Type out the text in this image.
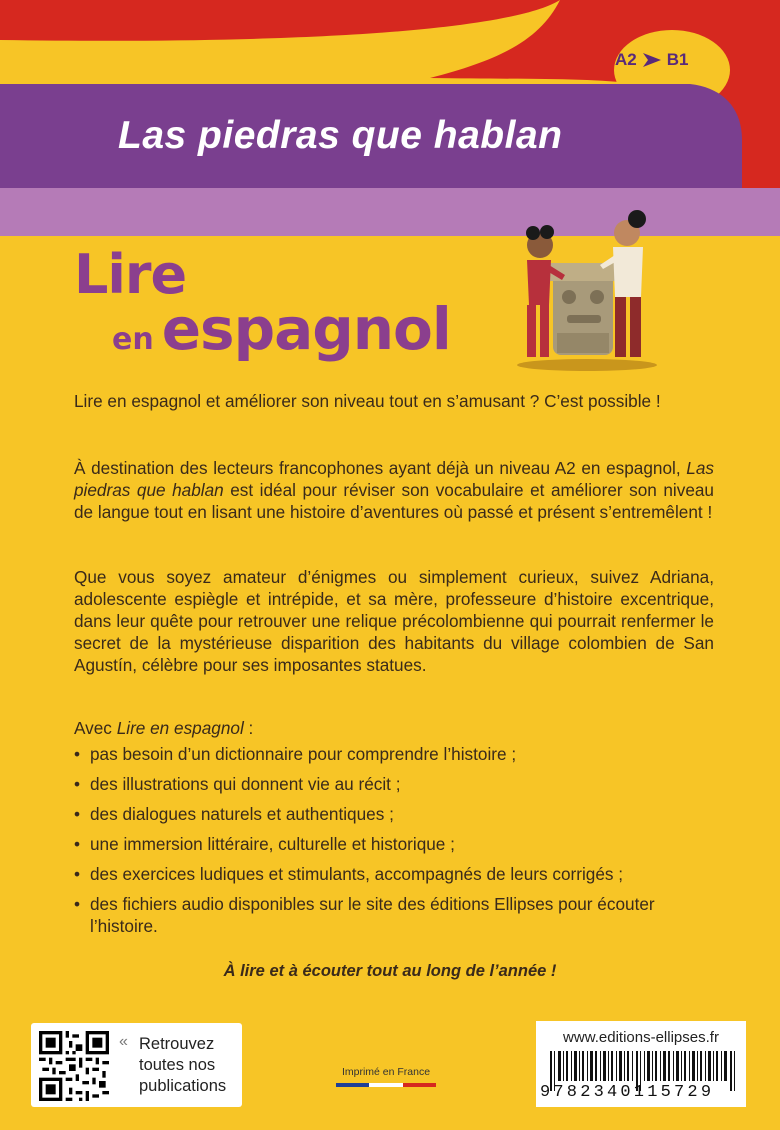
A2 B1
Las piedras que hablan
Lire
en espagnol

Lire en espagnol et améliorer son niveau tout en s’amusant ? C’est possible !

À destination des lecteurs francophones ayant déjà un niveau A2 en espagnol, Las piedras que hablan est idéal pour réviser son vocabulaire et améliorer son niveau de langue tout en lisant une histoire d’aventures où passé et présent s’entremêlent !

Que vous soyez amateur d’énigmes ou simplement curieux, suivez Adriana, adolescente espiègle et intrépide, et sa mère, professeure d’histoire excentrique, dans leur quête pour retrouver une relique précolombienne qui pourrait renfermer le secret de la mystérieuse disparition des habitants du village colombien de San Agustín, célèbre pour ses imposantes statues.

Avec Lire en espagnol :
• pas besoin d’un dictionnaire pour comprendre l’histoire ;
• des illustrations qui donnent vie au récit ;
• des dialogues naturels et authentiques ;
• une immersion littéraire, culturelle et historique ;
• des exercices ludiques et stimulants, accompagnés de leurs corrigés ;
• des fichiers audio disponibles sur le site des éditions Ellipses pour écouter l’histoire.
À lire et à écouter tout au long de l’année !
« Retrouvez
toutes nos
publications
Imprimé en France
www.editions-ellipses.fr
9782340115729
